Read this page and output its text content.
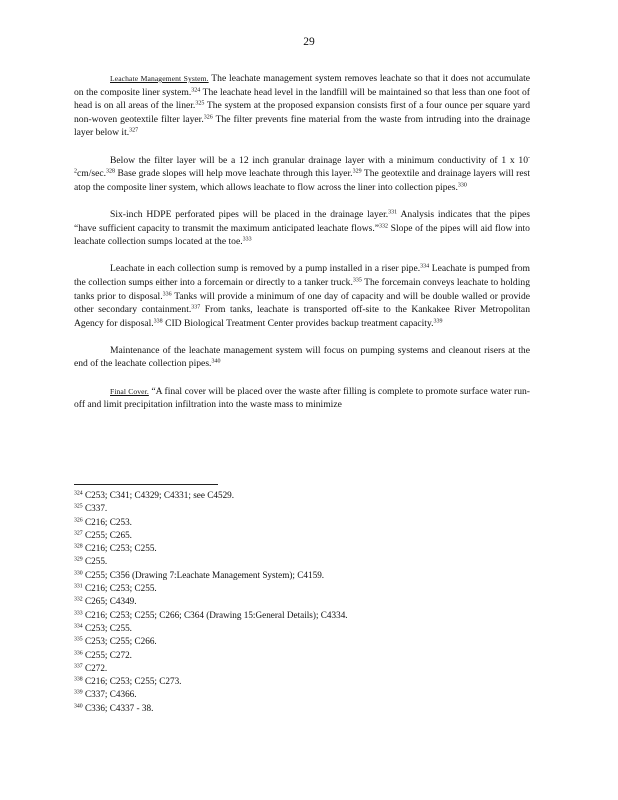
29

Leachate Management System. The leachate management system removes leachate so that it does not accumulate on the composite liner system.$^{324}$ The leachate head level in the landfill will be maintained so that less than one foot of head is on all areas of the liner.$^{325}$ The system at the proposed expansion consists first of a four ounce per square yard non-woven geotextile filter layer.$^{326}$ The filter prevents fine material from the waste from intruding into the drainage layer below it.$^{327}$

Below the filter layer will be a 12 inch granular drainage layer with a minimum conductivity of 1 x $10^{-2}cm/\sec.^{328}$ Base grade slopes will help move leachate through this layer.$^{329}$ The geotextile and drainage layers will rest atop the composite liner system, which allows leachate to flow across the liner into collection pipes.$^{330}$

Six-inch HDPE perforated pipes will be placed in the drainage layer.$^{331}$ Analysis indicates that the pipes “have sufficient capacity to transmit the maximum anticipated leachate flows.”$^{332}$ Slope of the pipes will aid flow into leachate collection sumps located at the toe.$^{333}$

Leachate in each collection sump is removed by a pump installed in a riser pipe.$^{334}$ Leachate is pumped from the collection sumps either into a forcemain or directly to a tanker truck.$^{335}$ The forcemain conveys leachate to holding tanks prior to disposal.$^{336}$ Tanks will provide a minimum of one day of capacity and will be double walled or provide other secondary containment.$^{337}$ From tanks, leachate is transported off-site to the Kankakee River Metropolitan Agency for disposal.$^{338}$ CID Biological Treatment Center provides backup treatment capacity.$^{339}$

Maintenance of the leachate management system will focus on pumping systems and cleanout risers at the end of the leachate collection pipes.$^{340}$

Final Cover. “A final cover will be placed over the waste after filling is complete to promote surface water run-off and limit precipitation infiltration into the waste mass to minimize

$^{324}$ C253; C341; C4329; C4331; see C4529.
$^{325}$ C337.
$^{326}$ C216; C253.
$^{327}$ C255; C265.
$^{328}$ C216; C253; C255.
$^{329}$ C255.
$^{330}$ C255; C356 (Drawing 7:Leachate Management System); C4159.
$^{331}$ C216; C253; C255.
$^{332}$ C265; C4349.
$^{333}$ C216; C253; C255; C266; C364 (Drawing 15:General Details); C4334.
$^{334}$ C253; C255.
$^{335}$ C253; C255; C266.
$^{336}$ C255; C272.
$^{337}$ C272.
$^{338}$ C216; C253; C255; C273.
$^{339}$ C337; C4366.
$^{340}$ C336; C4337 - 38.
